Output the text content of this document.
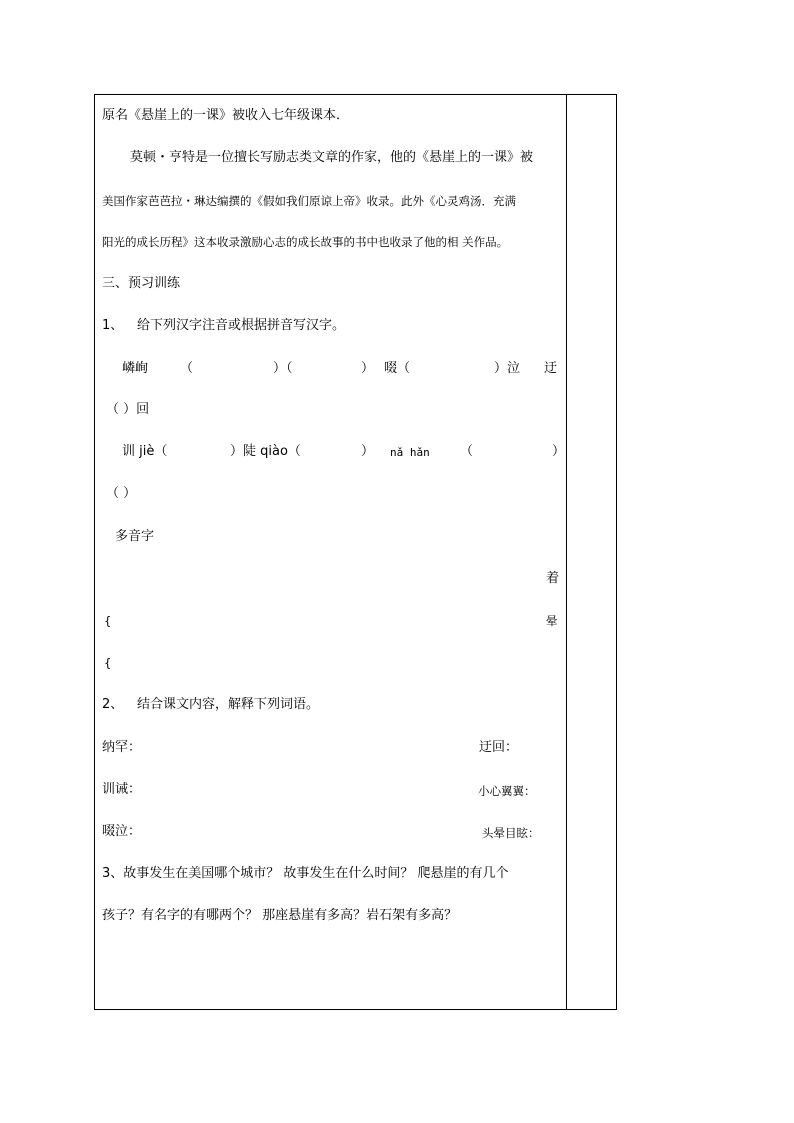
原名《悬崖上的一课》被收入七年级课本．
莫顿・亨特是一位擅长写励志类文章的作家，他的《悬崖上的一课》被
美国作家芭芭拉・琳达编撰的《假如我们原谅上帝》收录。此外《心灵鸡汤．充满
阳光的成长历程》这本收录激励心志的成长故事的书中也收录了他的相 关作品。
三、预习训练
1、 给下列汉字注音或根据拼音写汉字。
嶙峋 （	）（	） 啜（	）泣 迂
（ ）回
训 jiè（	）陡 qiào（	） nǎ hǎn （	）
（ ）
多音字
着
{	晕
{
2、 结合课文内容，解释下列词语。
纳罕：	迂回：
训诫：	小心翼翼：
啜泣：	头晕目眩：
3、故事发生在美国哪个城市？ 故事发生在什么时间？ 爬悬崖的有几个
孩子？有名字的有哪两个？ 那座悬崖有多高？岩石架有多高？
